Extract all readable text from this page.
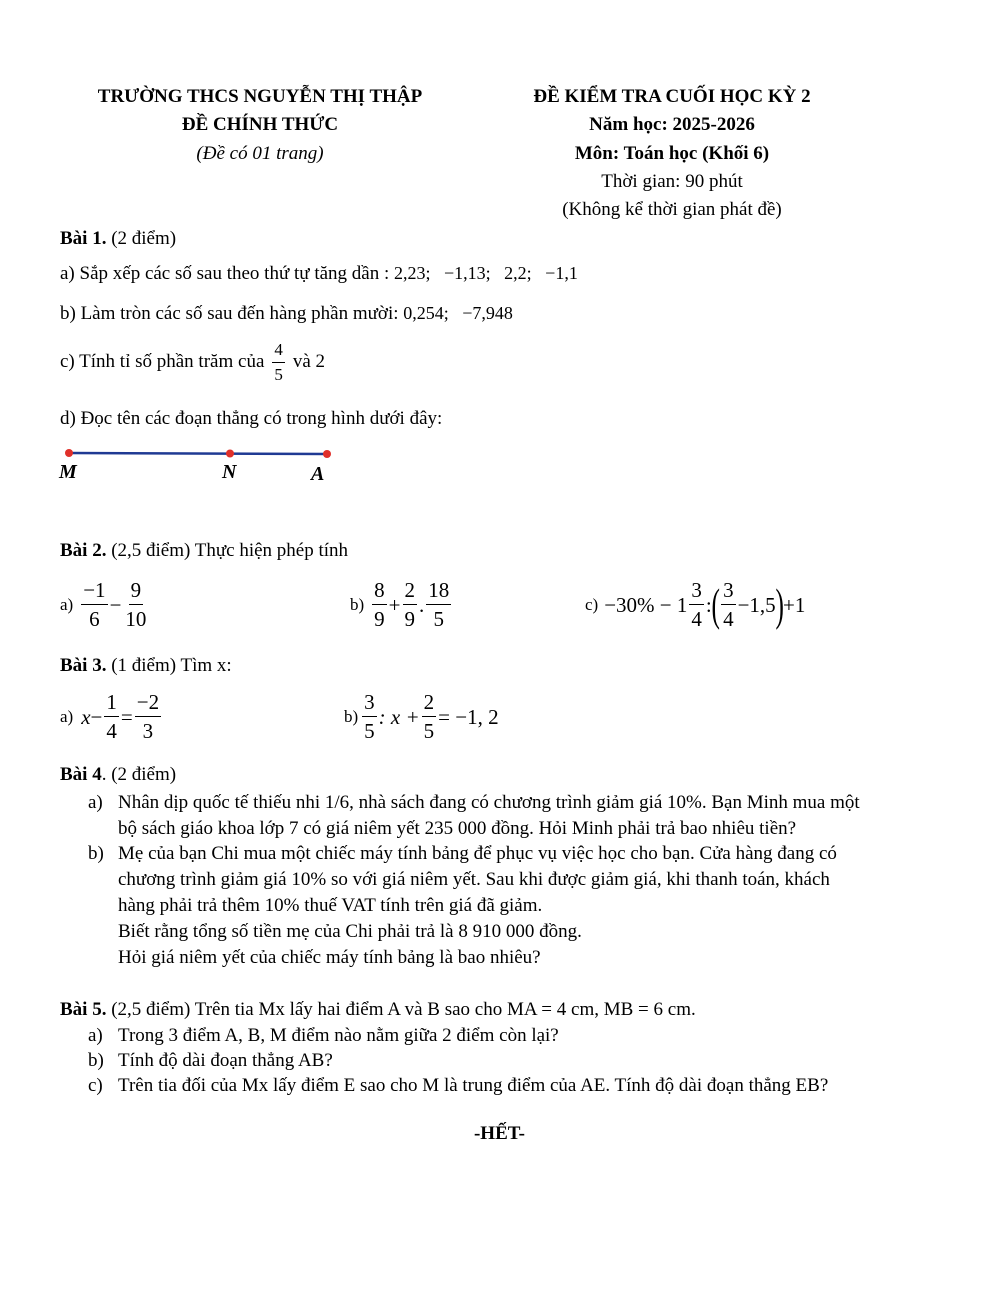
TRƯỜNG THCS NGUYỄN THỊ THẬP
ĐỀ CHÍNH THỨC
(Đề có 01 trang)
ĐỀ KIỂM TRA CUỐI HỌC KỲ 2
Năm học: 2025-2026
Môn: Toán học (Khối 6)
Thời gian: 90 phút
(Không kể thời gian phát đề)
Bài 1. (2 điểm)
a) Sắp xếp các số sau theo thứ tự tăng dần : 2,23;   −1,13;   2,2;   −1,1
b) Làm tròn các số sau đến hàng phần mười: 0,254;   −7,948
c) Tính tỉ số phần trăm của $\frac{4}{5}$ và 2
d) Đọc tên các đoạn thẳng có trong hình dưới đây:
M	N	A
Bài 2. (2,5 điểm) Thực hiện phép tính
$a) \frac{-1}{6} - \frac{9}{10}$	$b) \frac{8}{9} + \frac{2}{9}$ . $\frac{18}{5}$	$c) -30\% - 1 \frac{3}{4}$ : ( $\frac{3}{4} -1,5$ ) +1
Bài 3. (1 điểm) Tìm x:
a) $x - \frac{1}{4} = \frac{-2}{3}$	$b) \frac{3}{5}$ : $x + \frac{2}{5} = -1$, 2
Bài 4. (2 điểm)
a) Nhân dịp quốc tế thiếu nhi 1/6, nhà sách đang có chương trình giảm giá 10%. Bạn Minh mua một
bộ sách giáo khoa lớp 7 có giá niêm yết 235 000 đồng. Hỏi Minh phải trả bao nhiêu tiền?
b) Mẹ của bạn Chi mua một chiếc máy tính bảng để phục vụ việc học cho bạn. Cửa hàng đang có
chương trình giảm giá 10% so với giá niêm yết. Sau khi được giảm giá, khi thanh toán, khách
hàng phải trả thêm 10% thuế VAT tính trên giá đã giảm.
Biết rằng tổng số tiền mẹ của Chi phải trả là 8 910 000 đồng.
Hỏi giá niêm yết của chiếc máy tính bảng là bao nhiêu?
Bài 5. (2,5 điểm) Trên tia Mx lấy hai điểm A và B sao cho MA = 4 cm, MB = 6 cm.
a) Trong 3 điểm A, B, M điểm nào nằm giữa 2 điểm còn lại?
b) Tính độ dài đoạn thẳng AB?
c) Trên tia đối của Mx lấy điểm E sao cho M là trung điểm của AE. Tính độ dài đoạn thẳng EB?
-HẾT-
